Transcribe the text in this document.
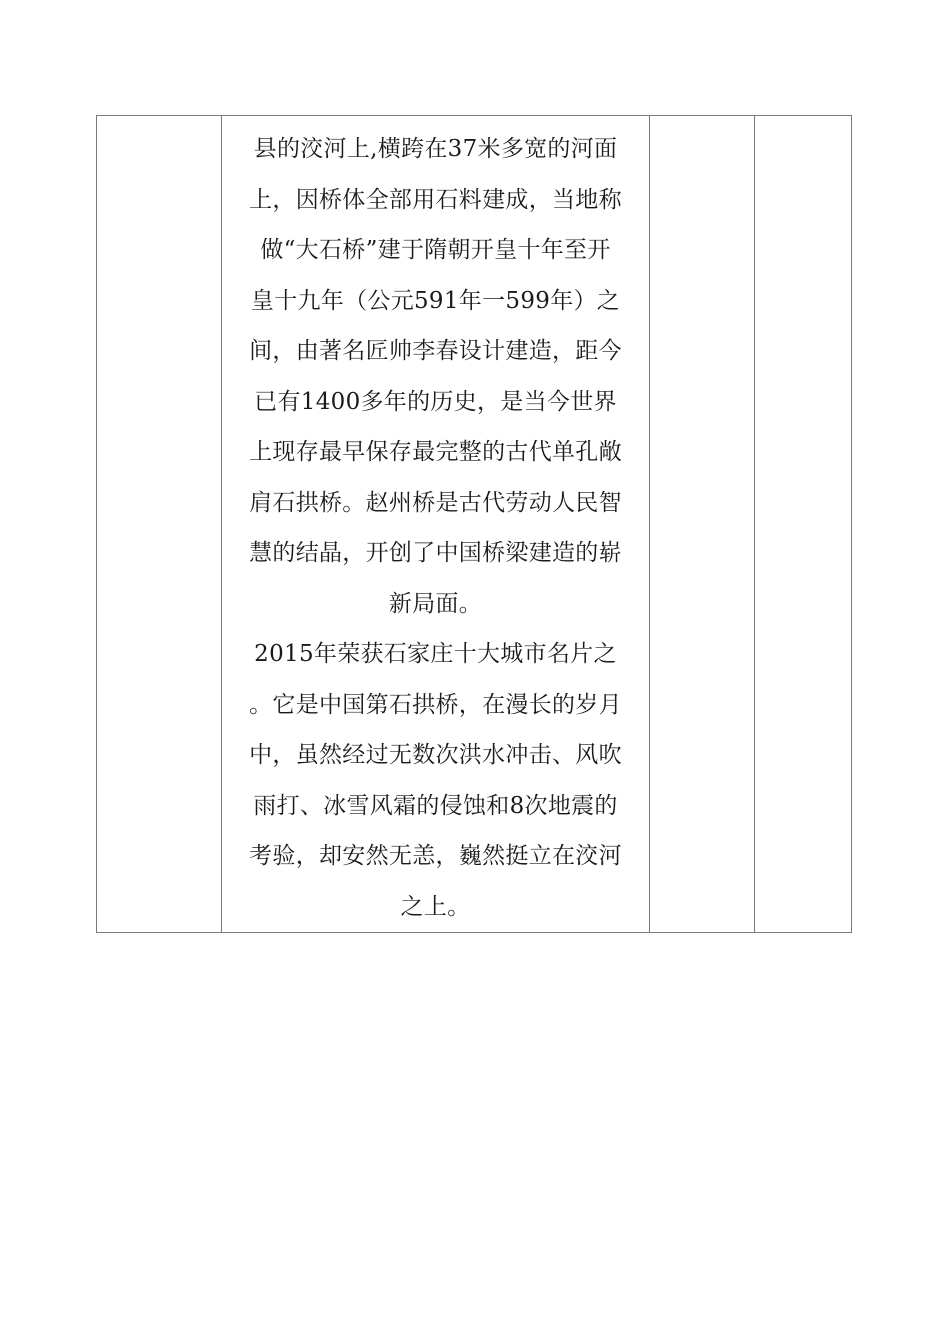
县的洨河上,横跨在37米多宽的河面
上，因桥体全部用石料建成，当地称
做“大石桥”建于隋朝开皇十年至开
皇十九年（公元591年一599年）之
间，由著名匠帅李春设计建造，距今
已有1400多年的历史，是当今世界
上现存最早保存最完整的古代单孔敞
肩石拱桥。赵州桥是古代劳动人民智
慧的结晶，开创了中国桥梁建造的崭
新局面。
2015年荣获石家庄十大城市名片之
。它是中国第石拱桥，在漫长的岁月
中，虽然经过无数次洪水冲击、风吹
雨打、冰雪风霜的侵蚀和8次地震的
考验，却安然无恙，巍然挺立在洨河
之上。
